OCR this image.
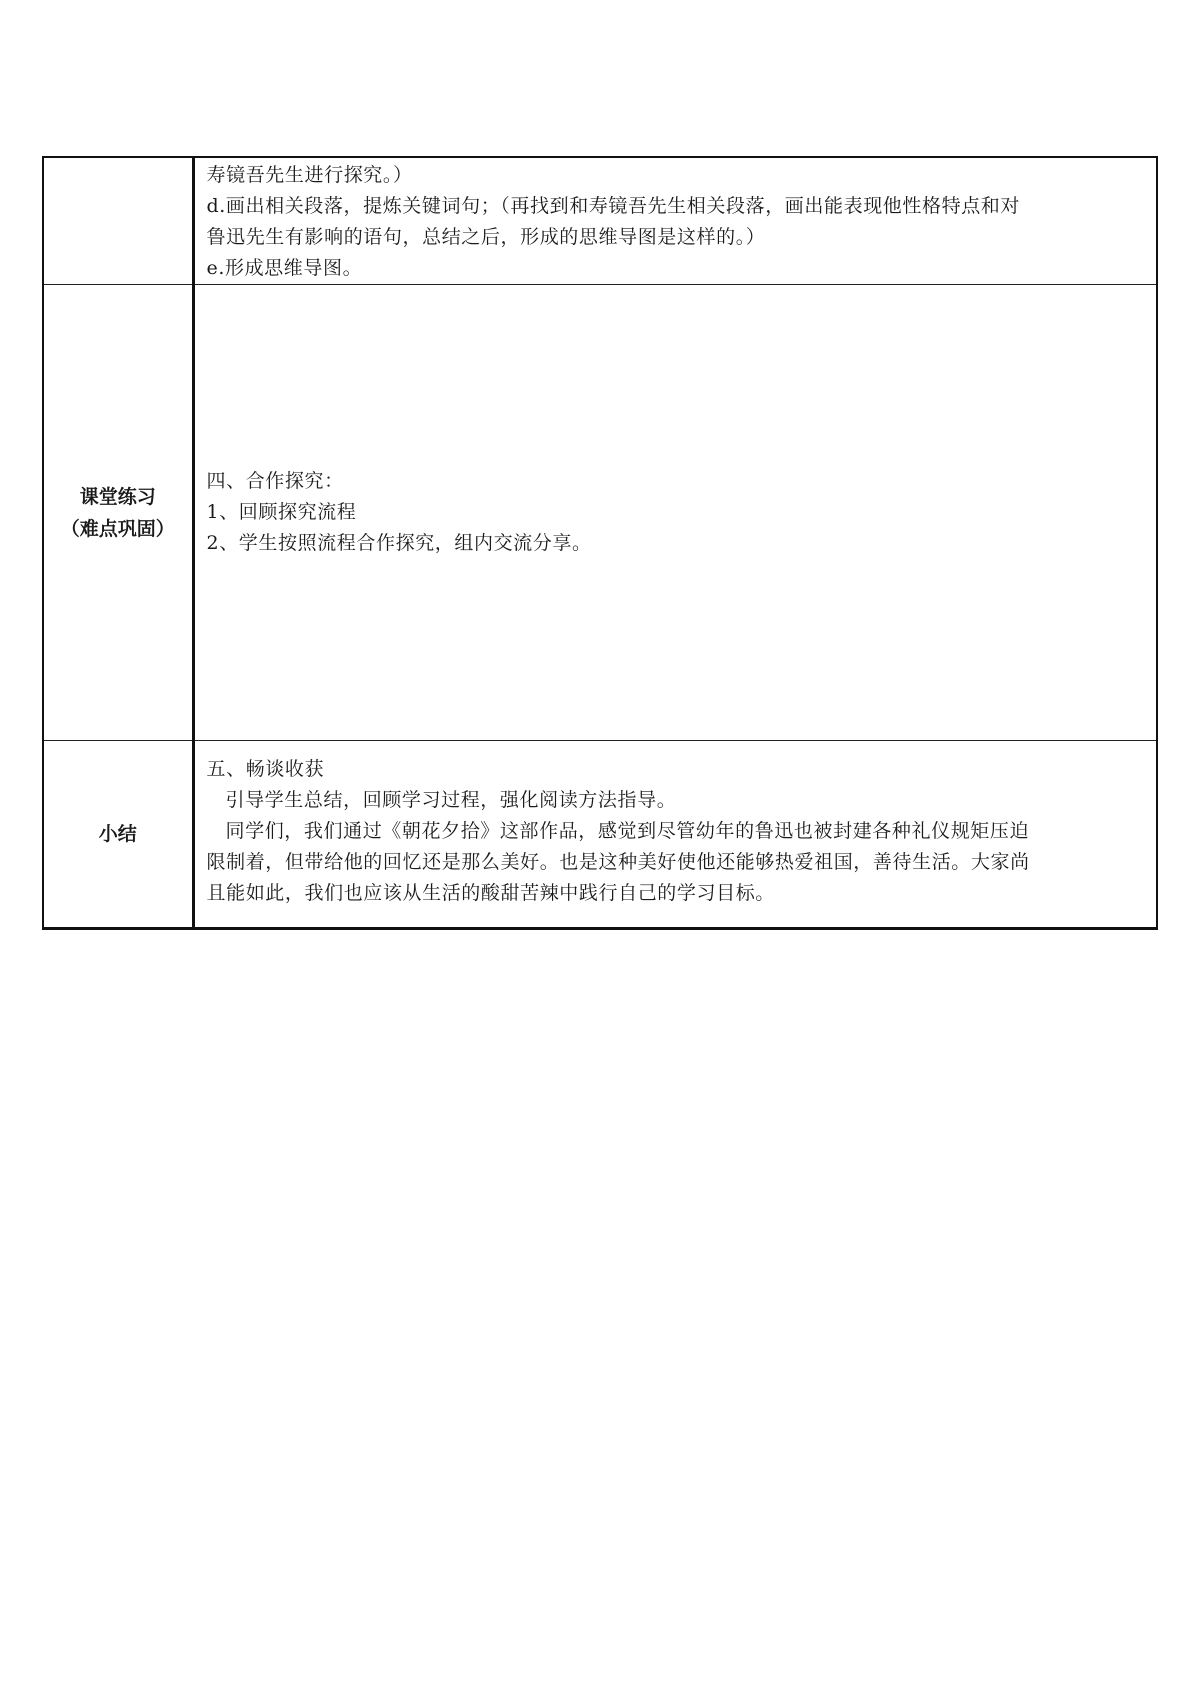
	寿镜吾先生进行探究。）
d.画出相关段落，提炼关键词句；（再找到和寿镜吾先生相关段落，画出能表现他性格特点和对
鲁迅先生有影响的语句，总结之后，形成的思维导图是这样的。）
e.形成思维导图。

课堂练习
（难点巩固）	四、合作探究：
1、回顾探究流程
2、学生按照流程合作探究，组内交流分享。

小结	五、畅谈收获
引导学生总结，回顾学习过程，强化阅读方法指导。
同学们，我们通过《朝花夕拾》这部作品，感觉到尽管幼年的鲁迅也被封建各种礼仪规矩压迫
限制着，但带给他的回忆还是那么美好。也是这种美好使他还能够热爱祖国，善待生活。大家尚
且能如此，我们也应该从生活的酸甜苦辣中践行自己的学习目标。
